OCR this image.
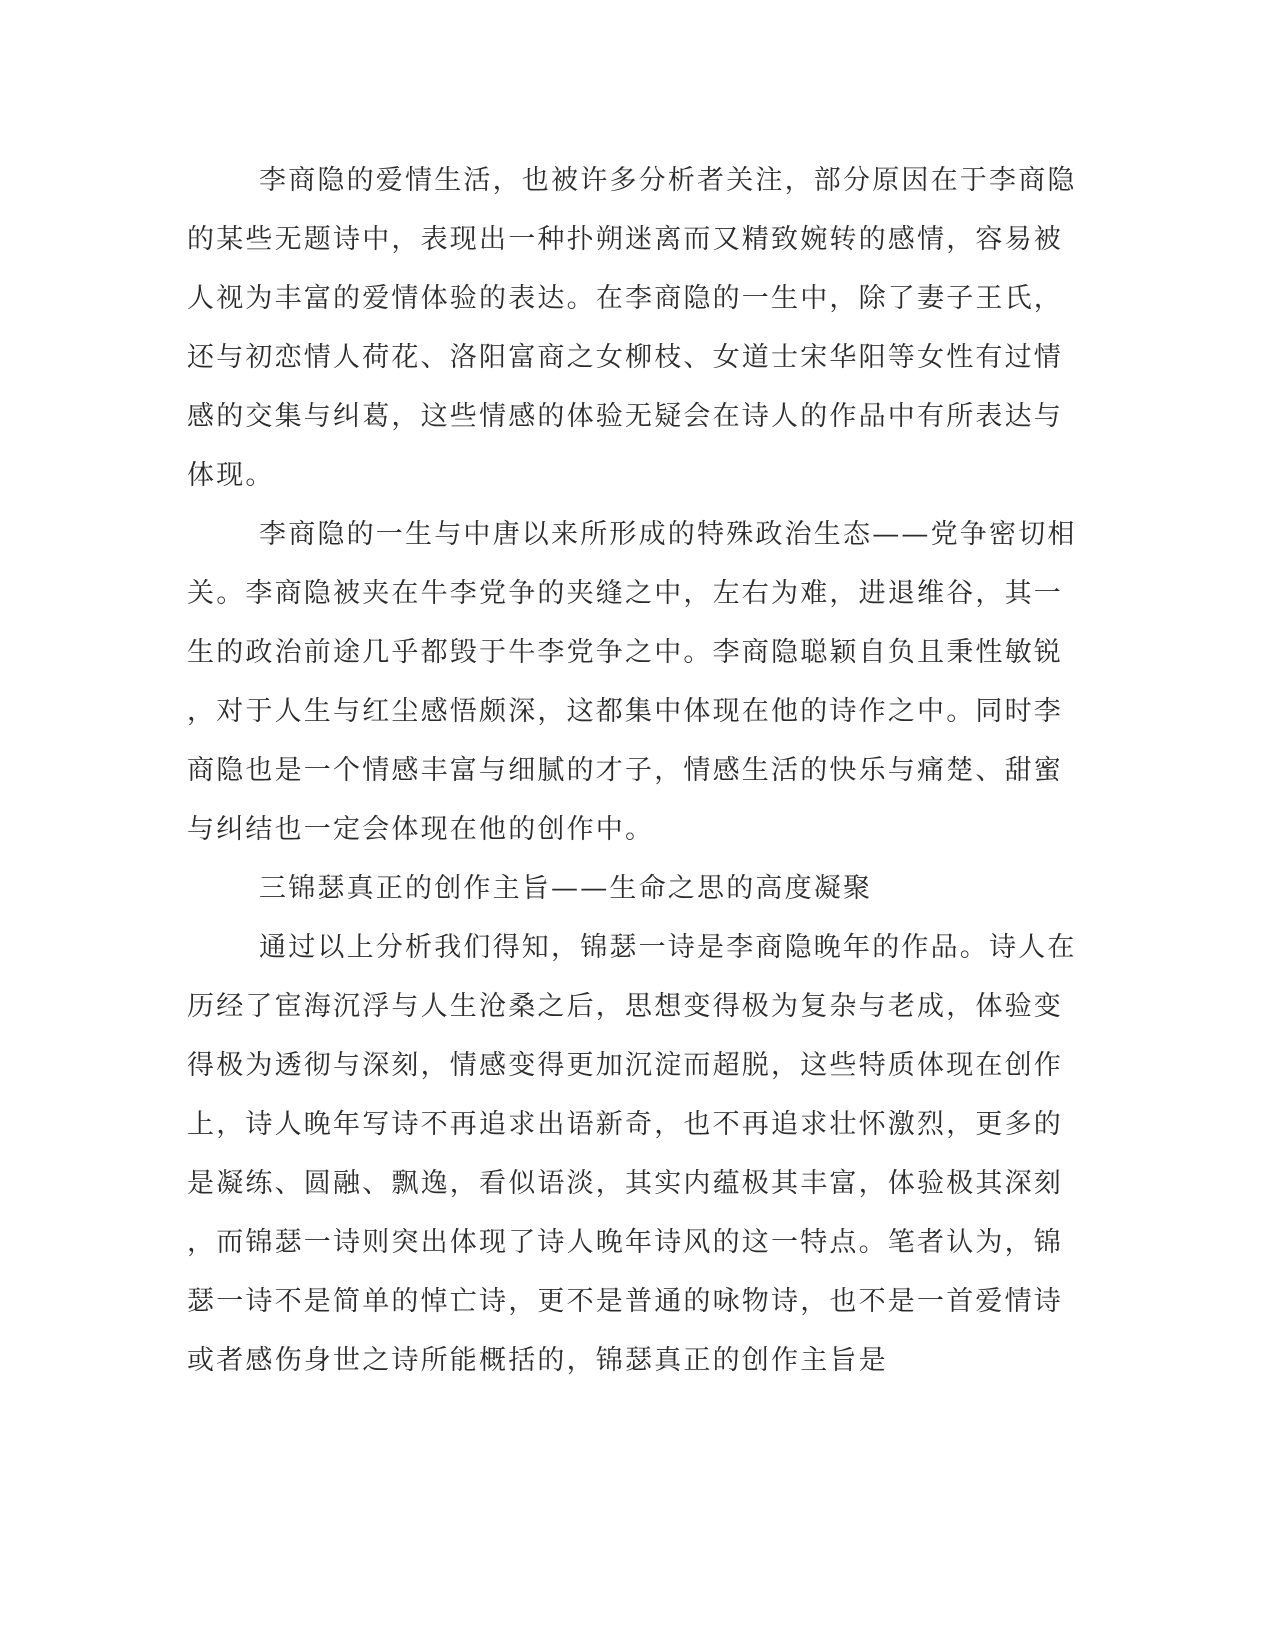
李商隐的爱情生活，也被许多分析者关注，部分原因在于李商隐

的某些无题诗中，表现出一种扑朔迷离而又精致婉转的感情，容易被

人视为丰富的爱情体验的表达。在李商隐的一生中，除了妻子王氏，

还与初恋情人荷花、洛阳富商之女柳枝、女道士宋华阳等女性有过情

感的交集与纠葛，这些情感的体验无疑会在诗人的作品中有所表达与

体现。

李商隐的一生与中唐以来所形成的特殊政治生态——党争密切相

关。李商隐被夹在牛李党争的夹缝之中，左右为难，进退维谷，其一

生的政治前途几乎都毁于牛李党争之中。李商隐聪颖自负且秉性敏锐

，对于人生与红尘感悟颇深，这都集中体现在他的诗作之中。同时李

商隐也是一个情感丰富与细腻的才子，情感生活的快乐与痛楚、甜蜜

与纠结也一定会体现在他的创作中。

三锦瑟真正的创作主旨——生命之思的高度凝聚

通过以上分析我们得知，锦瑟一诗是李商隐晚年的作品。诗人在

历经了宦海沉浮与人生沧桑之后，思想变得极为复杂与老成，体验变

得极为透彻与深刻，情感变得更加沉淀而超脱，这些特质体现在创作

上，诗人晚年写诗不再追求出语新奇，也不再追求壮怀激烈，更多的

是凝练、圆融、飘逸，看似语淡，其实内蕴极其丰富，体验极其深刻

，而锦瑟一诗则突出体现了诗人晚年诗风的这一特点。笔者认为，锦

瑟一诗不是简单的悼亡诗，更不是普通的咏物诗，也不是一首爱情诗

或者感伤身世之诗所能概括的，锦瑟真正的创作主旨是
